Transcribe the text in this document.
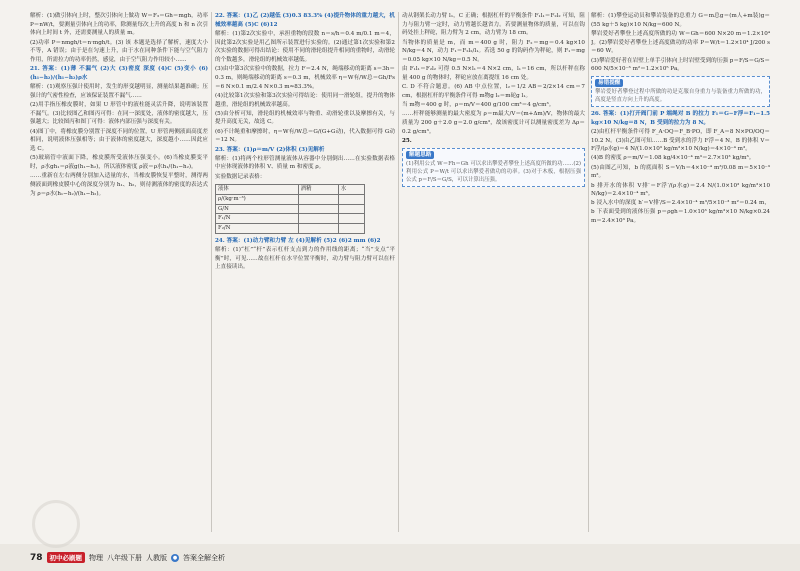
解析：(1)做引体向上时，整次引体向上做功 W＝F₃＝Gh＝mgh，功率 P＝nW/t，要测量引体向上的功率，除测量每次上升的高度 h 和 n 次引体向上时间 t 外，还需要测量人的质量 m。

(2)功率 P＝nmgh/t＝n·mgh/t。(3) 该 本题是选择了解析，速度大小不等，A 错误；由于是在匀速上升，由于水在同种条件下能与空气阻力作用，所需拉力的功率仍然，感觉，由于空气阻力作用较小……

21. 答案：(1)薄 不漏气 (2)大 (3)密度 深度 (4)C (5)变小 (6)(h₁−h₂)/(h₁−h₂)ρ水

解析：(1)观察压强计使用时，发生的形变越明显，测量结果越准确；压强计的气密性检查，应该保证装置不漏气……

(2)用手指压橡皮膜时，如果 U 形管中的液柱能灵活升降，说明该装置不漏气。(3)比较图乙和图丙可得：在同一深度处，液体的密度越大，压强越大；比较图丙和图丁可得：液体内部压强与深度有关。

(4)图丁中，将橡皮膜分别置于深度不同的位置，U 形管两侧液面高度差相同，说明液体压强相等；由于液体的密度越大，深度越小……因此应选 C。

(5)玻璃管中液面下降，橡皮膜所受液体压强变小。(6)当橡皮膜变平时，ρ水gh₁＝ρ液g(h₁−h₂)，所以液体密度 ρ液＝ρ水h₁/(h₁−h₂)。

……重新在左右两侧分别加入适量的水，当橡皮膜恢复平整时，测得两侧液面到橡皮膜中心的深度分别为 h₁、h₂，则待测液体的密度的表达式为 ρ＝ρ水(h₁−h₂)/(h₁−h₂)。

22. 答案：(1)乙 (2)越低 (3)0.3 83.3% (4)提升物体的重力越大，机械效率越高 (5)C (6)12

解析：(1)第2次实验中，承担重物的段数 n＝s/h＝0.4 m/0.1 m＝4，因此第2次实验是用乙图所示装置进行实验的。(2)通过第1次实验和第2次实验的数据可得出结论：使用不同的滑轮组提升相同的重物时，动滑轮的个数越多，滑轮组的机械效率越低。

(3)由中第3次实验中的数据，拉力 F＝2.4 N，绳端移动的距离 s＝3h＝0.3 m，则绳端移动的距离 s＝0.3 m，机械效率 η＝W有/W总＝Gh/Fs＝6 N×0.1 m/2.4 N×0.3 m≈83.3%。

(4)比较第1次实验和第3次实验可得结论：使用同一滑轮组，提升的物体越重，滑轮组的机械效率越高。

(5)由分析可知，滑轮组的机械效率与物重、动滑轮重以及摩擦有关，与提升高度无关，故选 C。

(6)不计绳重和摩擦时，η＝W有/W总＝G/(G+G动)，代入数据可得 G动＝12 N。

23. 答案：(1)ρ＝m/V (2)体积 (3)见解析

解析：(1)将两个柱形管测量液体从容器中分别倒出……在实验数据表格中应体现液体的体积 V、质量 m 和密度 ρ。

实验数据记录表格：

液体	酒精	水
ρ/(kg·m⁻³)		
G/N		
F₁/N		
F₂/N		

24. 答案：(1)动力臂和力臂 左 (4)见解析 (5)2 (6)2 mm (6)2

解析：(1)“杠”“杆”表示杠杆支点到力的作用线的距离；“当”支点“平衡”时，可见……故在杠杆在水平位置平衡时，动力臂与阻力臂可以在杆上直接读出。

动从钢架长动力臂 l₁，C 正确；根据杠杆的平衡条件 F₁l₁＝F₂l₂ 可知，阻力与阻力臂一定时，动力臂越长越省力。若要测量物体的质量，可以在钩码处挂上秤砣，阻力臂为 2 cm，动力臂为 18 cm。

当物体的质量是 m，而 m＝400 g 时，阻力 F₂＝mg＝0.4 kg×10 N/kg＝4 N，动力 F₁＝F₂l₂/l₁。若选 50 g 的钩码作为秤砣，则 F₁＝mg＝0.05 kg×10 N/kg＝0.5 N。

由 F₁l₁＝F₂l₂ 可得 0.5 N×l₁＝4 N×2 cm，l₁＝16 cm，所以杆秤在称量 400 g 的物体时，秤砣应放在离提纽 16 cm 处。

C. D 不符合题意。(6) AB 中点位置，l₂＝1/2 AB＝2/2×14 cm＝7 cm，根据杠杆的平衡条件可得 m物g l₂＝m砣g l₁。

当 m物＝400 g 时，ρ＝m/V＝400 g/100 cm³＝4 g/cm³。

……杆秤能够测量的最大密度为 ρ＝m最大/V＝(m+Δm)/V，物体的最大质量为 200 g＋2.0 g＝2.0 g/cm³，故该密度计可以测量密度差为 Δρ＝0.2 g/cm³。

25.

解题思路
(1)利用公式 W＝Fh＝Gh 可以求出攀爱者攀登上述高度所做的功……(2)利用公式 P＝W/t 可以求出攀爱者做功的功率。(3)对于木板，根据压强公式 p＝F/S＝G/S，可以计算出压强。

解析：(1)攀登运动员和攀岩装备的总重力 G＝m总g＝(m人+m装)g＝(55 kg＋5 kg)×10 N/kg＝600 N。

攀岩爱好者攀登上述高度所做的功 W＝Gh＝600 N×20 m＝1.2×10⁴ J。(2)攀岩爱好者攀登上述高度做功的功率 P＝W/t＝1.2×10⁴ J/200 s＝60 W。

(3)攀岩爱好者在岩壁上单手引体向上时岩壁受到的压强 p＝F/S＝G/S＝600 N/5×10⁻³ m²＝1.2×10⁵ Pa。

易错提醒
攀岩爱好者攀登过程中所做的功是克服自身重力与装备重力所做的功，高度是竖直方向上升的高度。

26. 答案：(1)打开阀门前 P 端绳对 B 的拉力 F₁＝G−F浮＝F₁−1.5 kg×10 N/kg＝8 N，B 受到的拉力为 8 N。

(2)由杠杆平衡条件可得 F_A·OQ＝F_B·PO，即 F_A＝8 N×PO/OQ＝10.2 N。(3)由乙图可知……B 受到水的浮力 F浮＝4 N，B 的体积 V＝F浮/(ρ水g)＝4 N/(1.0×10³ kg/m³×10 N/kg)＝4×10⁻⁴ m³。

(4)B 的密度 ρ＝m/V＝1.08 kg/4×10⁻⁴ m³＝2.7×10³ kg/m³。

(5)由图乙可知，b 的底面积 S＝V/h＝4×10⁻⁴ m³/0.08 m＝5×10⁻³ m²。

b 排开水的体积 V排′＝F浮′/(ρ水g)＝2.4 N/(1.0×10³ kg/m³×10 N/kg)＝2.4×10⁻⁴ m³。

b 浸入水中的深度 h′＝V排′/S＝2.4×10⁻⁴ m³/5×10⁻³ m²＝0.24 m，b 下表面受到的液体压强 p＝ρgh＝1.0×10³ kg/m³×10 N/kg×0.24 m＝2.4×10³ Pa。

78	初中必刷题	物理 八年级下册 人教版	● 答案全解全析
